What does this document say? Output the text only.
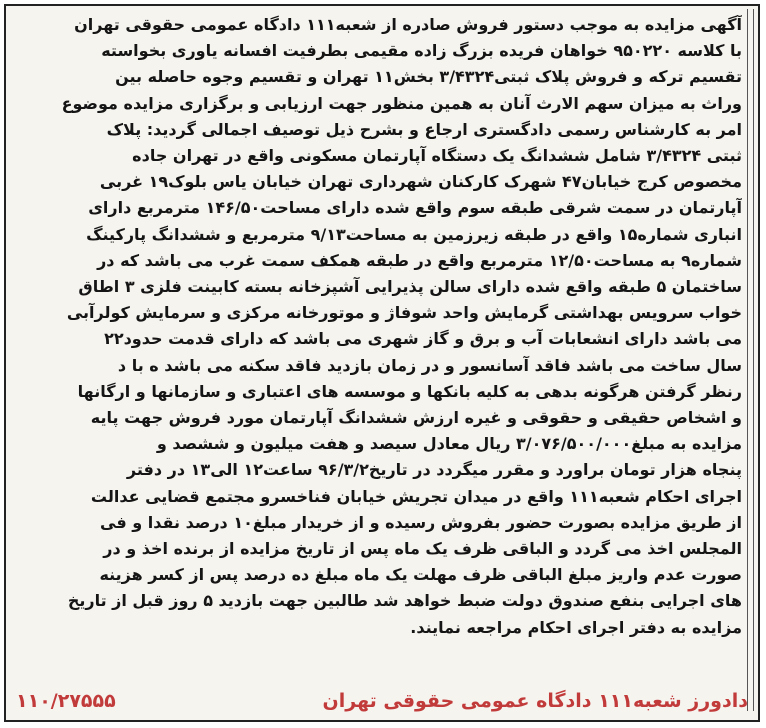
آگهی مزایده به موجب دستور فروش صادره از شعبه۱۱۱ دادگاه عمومی حقوقی تهران
با کلاسه ۹۵۰۲۲۰ خواهان فریده بزرگ زاده مقیمی بطرفیت افسانه یاوری بخواسته
تقسیم ترکه و فروش پلاک ثبتی۳/۴۳۲۴ بخش۱۱ تهران و تقسیم وجوه حاصله بین
وراث به میزان سهم الارث آنان به همین منظور جهت ارزیابی و برگزاری مزایده موضوع
امر به کارشناس رسمی دادگستری ارجاع و بشرح ذیل توصیف اجمالی گردید: پلاک
ثبتی ۳/۴۳۲۴ شامل ششدانگ یک دستگاه آپارتمان مسکونی واقع در تهران جاده
مخصوص کرج خیابان۴۷ شهرک کارکنان شهرداری تهران خیابان یاس بلوک۱۹ غربی
آپارتمان در سمت شرقی طبقه سوم واقع شده دارای مساحت۱۴۶/۵۰ مترمربع دارای
انباری شماره۱۵ واقع در طبقه زیرزمین به مساحت۹/۱۳ مترمربع و ششدانگ پارکینگ
شماره۹ به مساحت۱۲/۵۰ مترمربع واقع در طبقه همکف سمت غرب می باشد که در
ساختمان ۵ طبقه واقع شده دارای سالن پذیرایی آشپزخانه بسته کابینت فلزی ۳ اطاق
خواب سرویس بهداشتی گرمایش واحد شوفاژ و موتورخانه مرکزی و سرمایش کولرآبی
می باشد دارای انشعابات آب و برق و گاز شهری می باشد که دارای قدمت حدود۲۲
سال ساخت می باشد فاقد آسانسور و در زمان بازدید فاقد سکنه می باشد ه با د
رنظر گرفتن هرگونه بدهی به کلیه بانکها و موسسه های اعتباری و سازمانها و ارگانها
و اشخاص حقیقی و حقوقی و غیره ارزش ششدانگ آپارتمان مورد فروش جهت پایه
مزایده به مبلغ۳/۰۷۶/۵۰۰/۰۰۰ ریال معادل سیصد و هفت میلیون و ششصد و
پنجاه هزار تومان براورد و مقرر میگردد در تاریخ۹۶/۳/۲ ساعت۱۲ الی۱۳ در دفتر
اجرای احکام شعبه۱۱۱ واقع در میدان تجریش خیابان فناخسرو مجتمع قضایی عدالت
از طریق مزایده بصورت حضور بفروش رسیده و از خریدار مبلغ۱۰ درصد نقدا و فی
المجلس اخذ می گردد و الباقی ظرف یک ماه پس از تاریخ مزایده از برنده اخذ و در
صورت عدم واریز مبلغ الباقی ظرف مهلت یک ماه مبلغ ده درصد پس از کسر هزینه
های اجرایی بنفع صندوق دولت ضبط خواهد شد طالبین جهت بازدید ۵ روز قبل از تاریخ
مزایده به دفتر اجرای احکام مراجعه نمایند.
دادورز شعبه۱۱۱ دادگاه عمومی حقوقی تهران
۱۱۰/۲۷۵۵۵
